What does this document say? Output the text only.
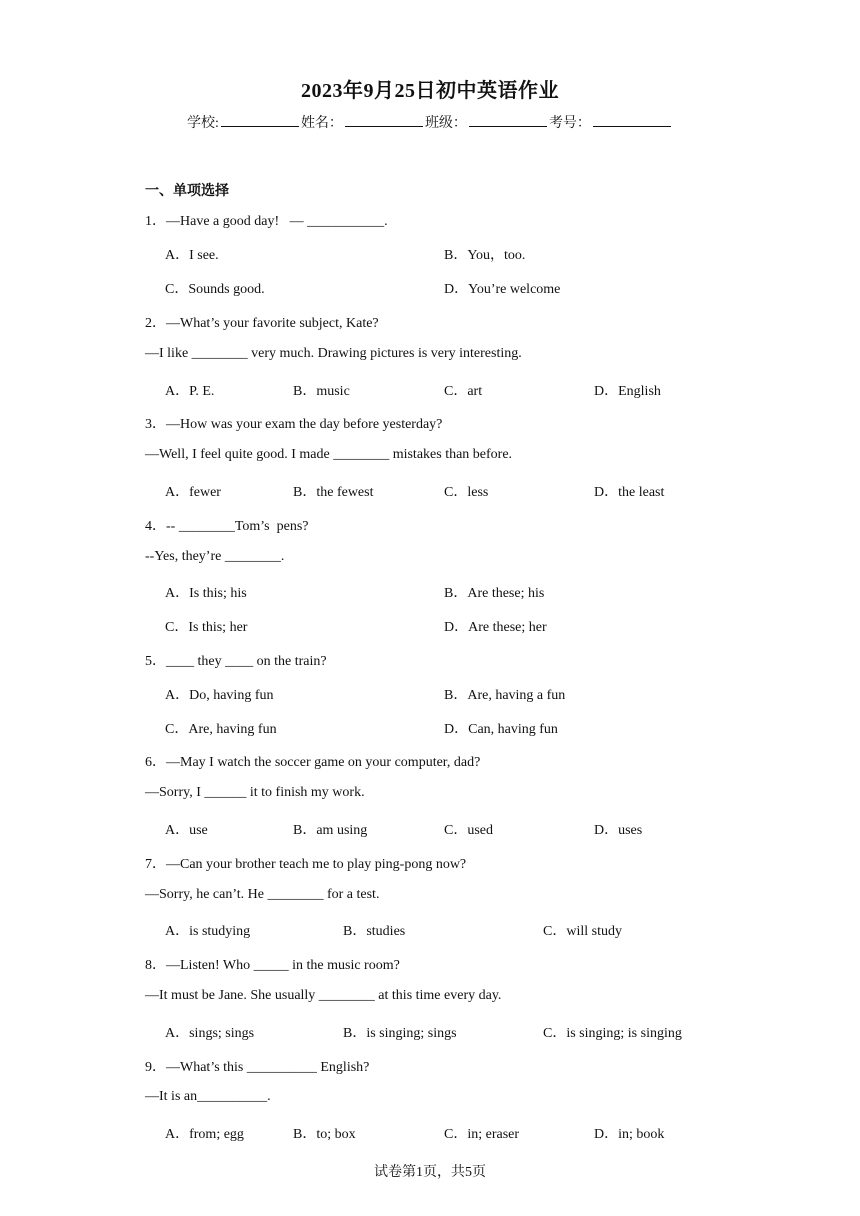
2023年9月25日初中英语作业
学校:	姓名：	班级：	考号：
一、单项选择
1．—Have a good day!   — ___________.
A．I see.	B．You，too.
C．Sounds good.	D．You’re welcome
2．—What’s your favorite subject, Kate?
—I like ________ very much. Drawing pictures is very interesting.
A．P. E.	B．music	C．art	D．English
3．—How was your exam the day before yesterday?
—Well, I feel quite good. I made ________ mistakes than before.
A．fewer	B．the fewest	C．less	D．the least
4．-- ________Tom’s  pens?
--Yes, they’re ________.
A．Is this; his	B．Are these; his
C．Is this; her	D．Are these; her
5．____ they ____ on the train?
A．Do, having fun	B．Are, having a fun
C．Are, having fun	D．Can, having fun
6．—May I watch the soccer game on your computer, dad?
—Sorry, I ______ it to finish my work.
A．use	B．am using	C．used	D．uses
7．—Can your brother teach me to play ping-pong now?
—Sorry, he can’t. He ________ for a test.
A．is studying	B．studies	C．will study
8．—Listen! Who _____ in the music room?
—It must be Jane. She usually ________ at this time every day.
A．sings; sings	B．is singing; sings	C．is singing; is singing
9．—What’s this __________ English?
—It is an__________.
A．from; egg	B．to; box	C．in; eraser	D．in; book
试卷第1页，共5页
